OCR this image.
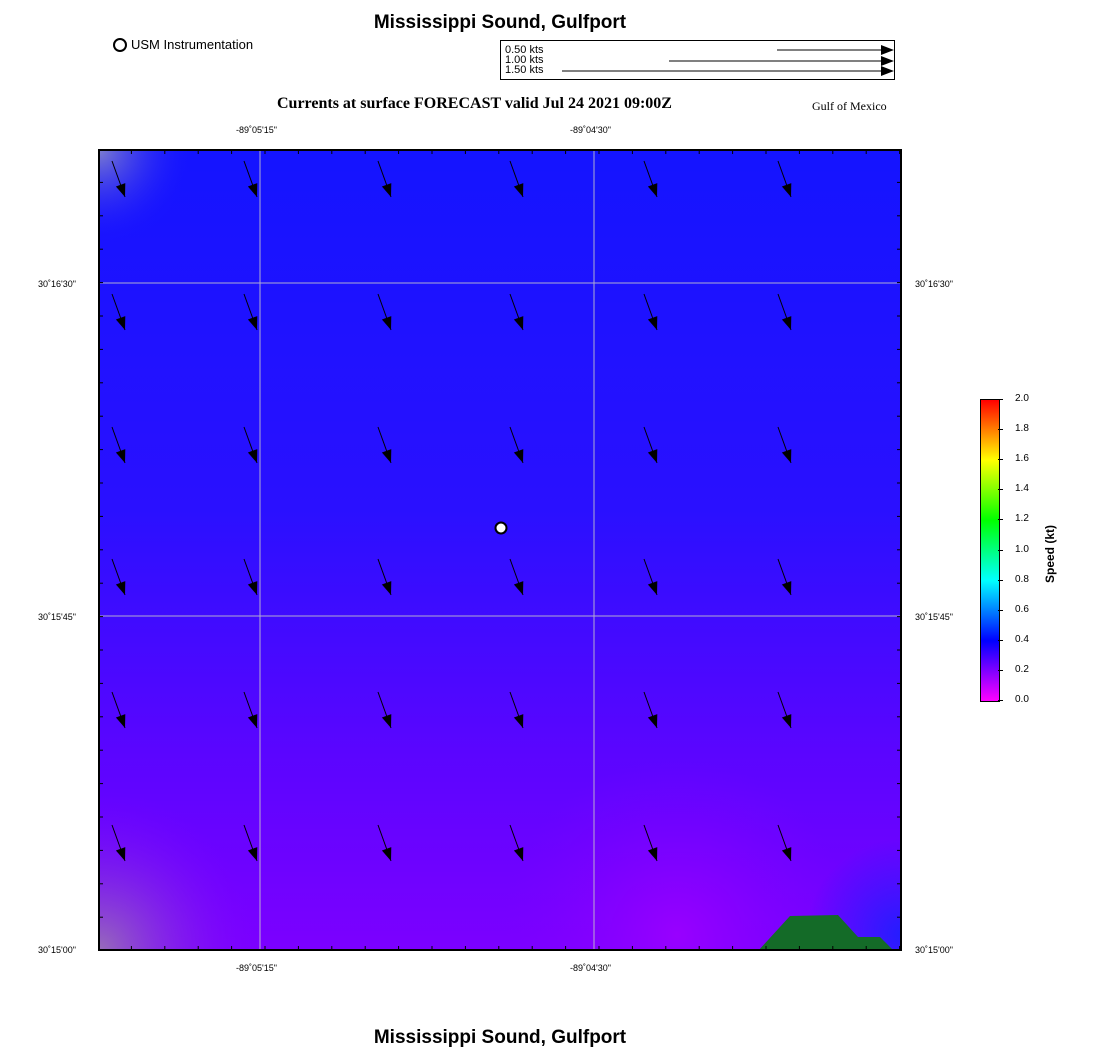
Mississippi Sound, Gulfport
USM Instrumentation	0.50 kts
1.00 kts
1.50 kts
Currents at surface FORECAST valid Jul 24 2021 09:00Z	Gulf of Mexico
-89˚05'15"	-89˚04'30"
-89˚05'15"	-89˚04'30"
30˚16'30"
30˚15'45"
30˚15'00"
30˚16'30"
30˚15'45"
30˚15'00"
2.0
1.8
1.6
1.4
1.2
1.0
0.8
0.6
0.4
0.2
0.0
Speed (kt)
Mississippi Sound, Gulfport
